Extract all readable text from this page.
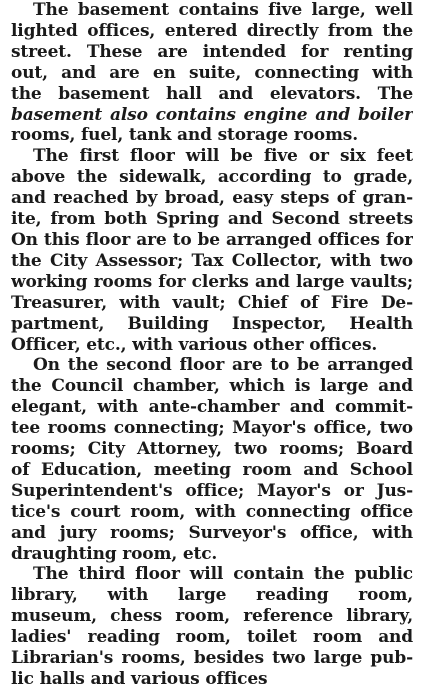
The basement contains five large, well
lighted offices, entered directly from the
street. These are intended for renting
out, and are en suite, connecting with
the basement hall and elevators. The
basement also contains engine and boiler
rooms, fuel, tank and storage rooms.

The first floor will be five or six feet
above the sidewalk, according to grade,
and reached by broad, easy steps of gran-
ite, from both Spring and Second streets
On this floor are to be arranged offices for
the City Assessor; Tax Collector, with two
working rooms for clerks and large vaults;
Treasurer, with vault; Chief of Fire De-
partment, Building Inspector, Health
Officer, etc., with various other offices.

On the second floor are to be arranged
the Council chamber, which is large and
elegant, with ante-chamber and commit-
tee rooms connecting; Mayor's office, two
rooms; City Attorney, two rooms; Board
of Education, meeting room and School
Superintendent's office; Mayor's or Jus-
tice's court room, with connecting office
and jury rooms; Surveyor's office, with
draughting room, etc.

The third floor will contain the public
library, with large reading room,
museum, chess room, reference library,
ladies' reading room, toilet room and
Librarian's rooms, besides two large pub-
lic halls and various offices
